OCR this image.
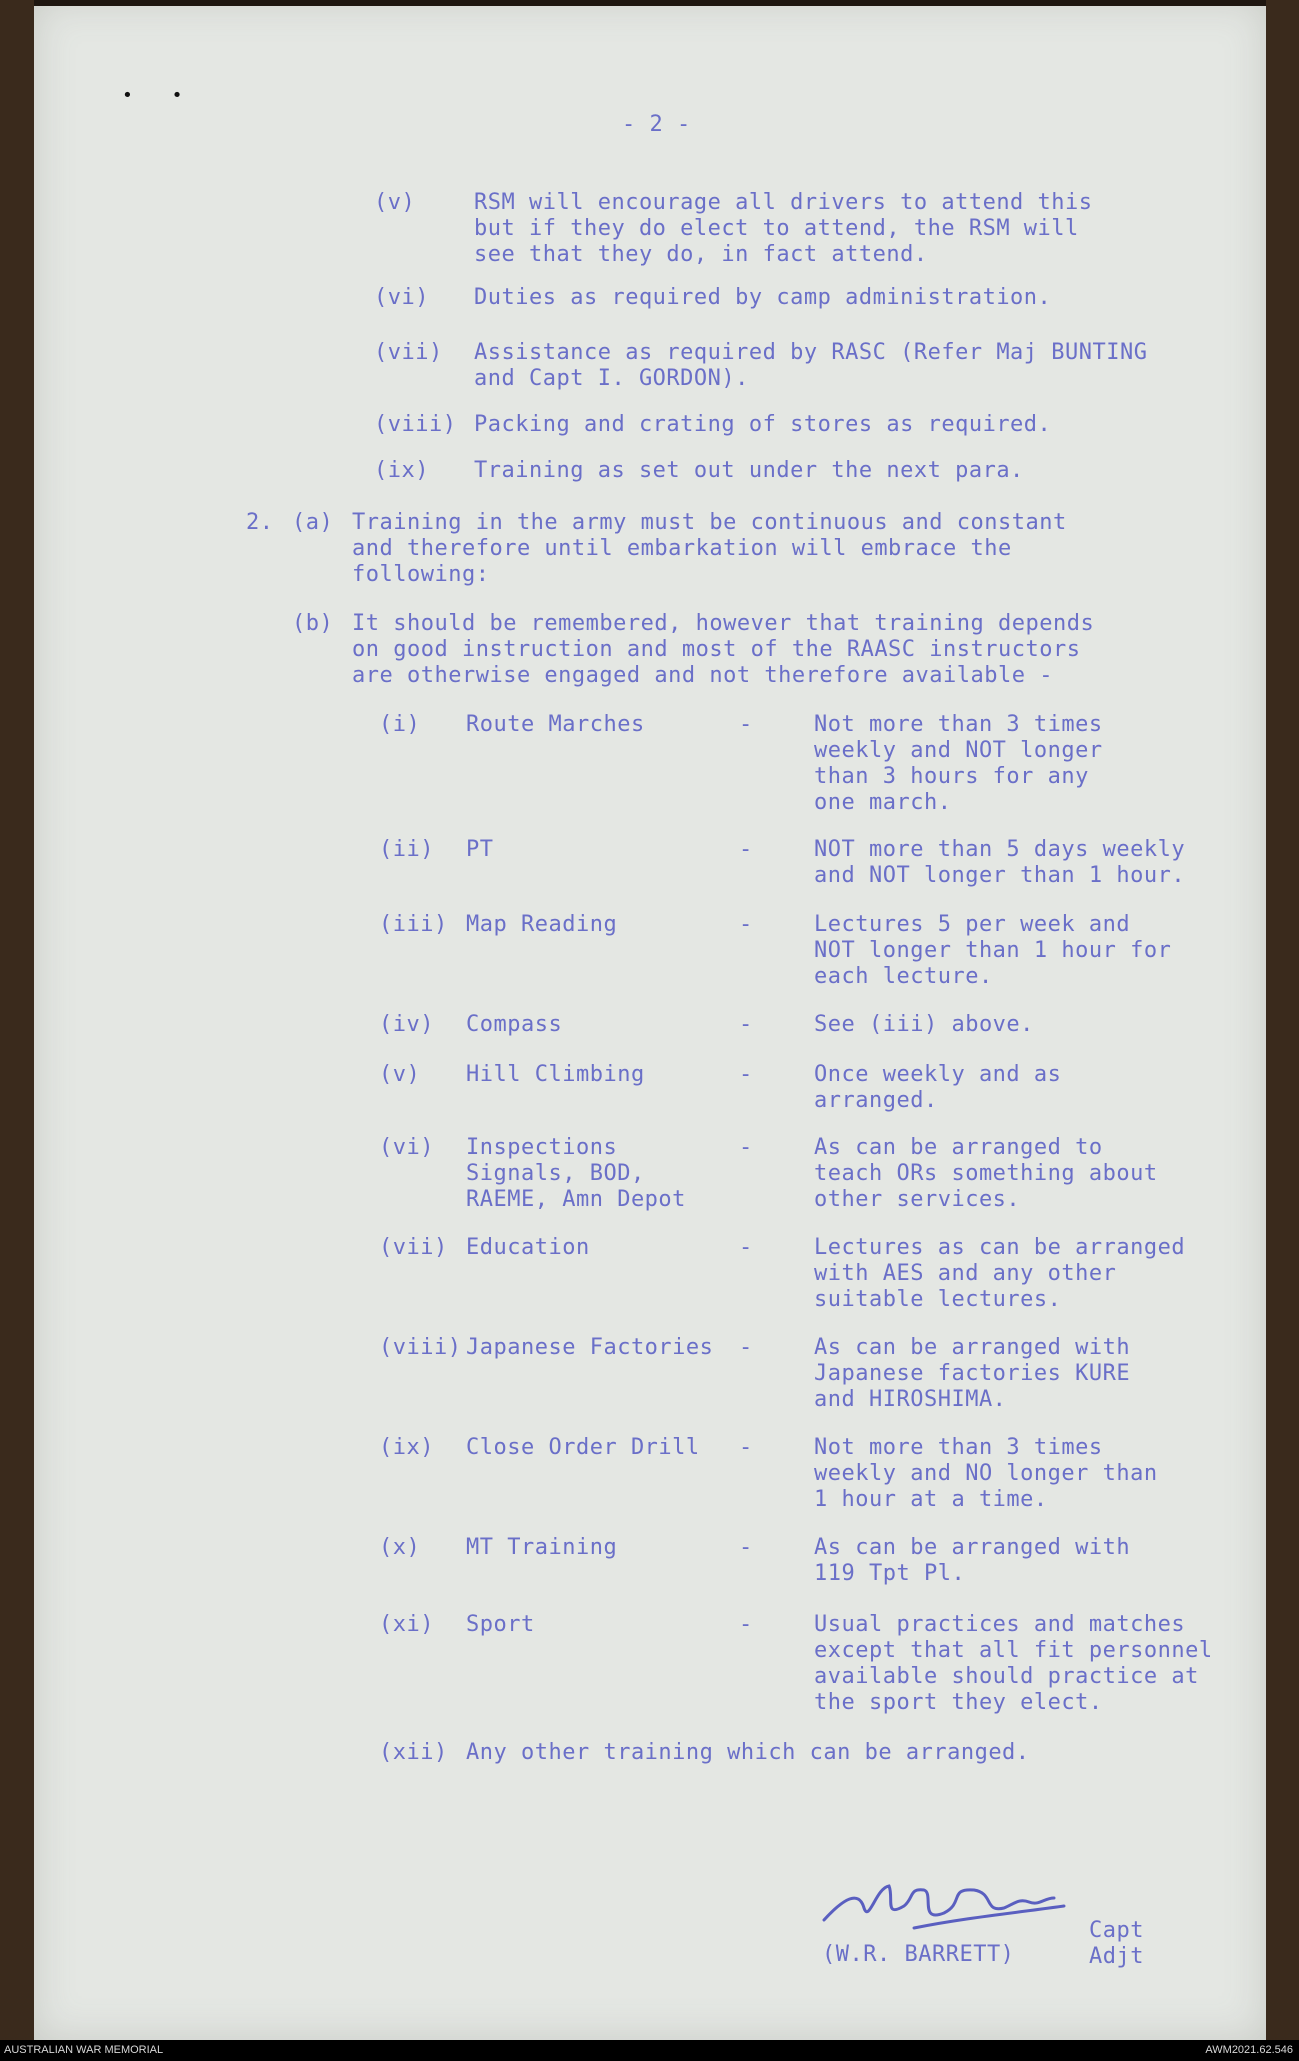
• •
- 2 -
(v)	RSM will encourage all drivers to attend this
but if they do elect to attend, the RSM will
see that they do, in fact attend.
(vi) Duties as required by camp administration.
(vii) Assistance as required by RASC (Refer Maj BUNTING
and Capt I. GORDON).
(viii) Packing and crating of stores as required.
(ix) Training as set out under the next para.
2. (a) Training in the army must be continuous and constant
and therefore until embarkation will embrace the
following:
(b) It should be remembered, however that training depends
on good instruction and most of the RAASC instructors
are otherwise engaged and not therefore available -
(i) Route Marches	-	Not more than 3 times
weekly and NOT longer
than 3 hours for any
one march.
(ii) PT	-	NOT more than 5 days weekly
and NOT longer than 1 hour.
(iii) Map Reading	-	Lectures 5 per week and
NOT longer than 1 hour for
each lecture.
(iv) Compass	-	See (iii) above.
(v) Hill Climbing	-	Once weekly and as
arranged.
(vi) Inspections
Signals, BOD,
RAEME, Amn Depot
-	As can be arranged to
teach ORs something about
other services.
(vii) Education	-	Lectures as can be arranged
with AES and any other
suitable lectures.
(viii) Japanese Factories -	As can be arranged with
Japanese factories KURE
and HIROSHIMA.
(ix) Close Order Drill -	Not more than 3 times
weekly and NO longer than
1 hour at a time.
(x) MT Training	-	As can be arranged with
119 Tpt Pl.
(xi) Sport	-	Usual practices and matches
except that all fit personnel
available should practice at
the sport they elect.
(xii) Any other training which can be arranged.
(W.R. BARRETT)
Capt
Adjt
AUSTRALIAN WAR MEMORIAL	AWM2021.62.546
